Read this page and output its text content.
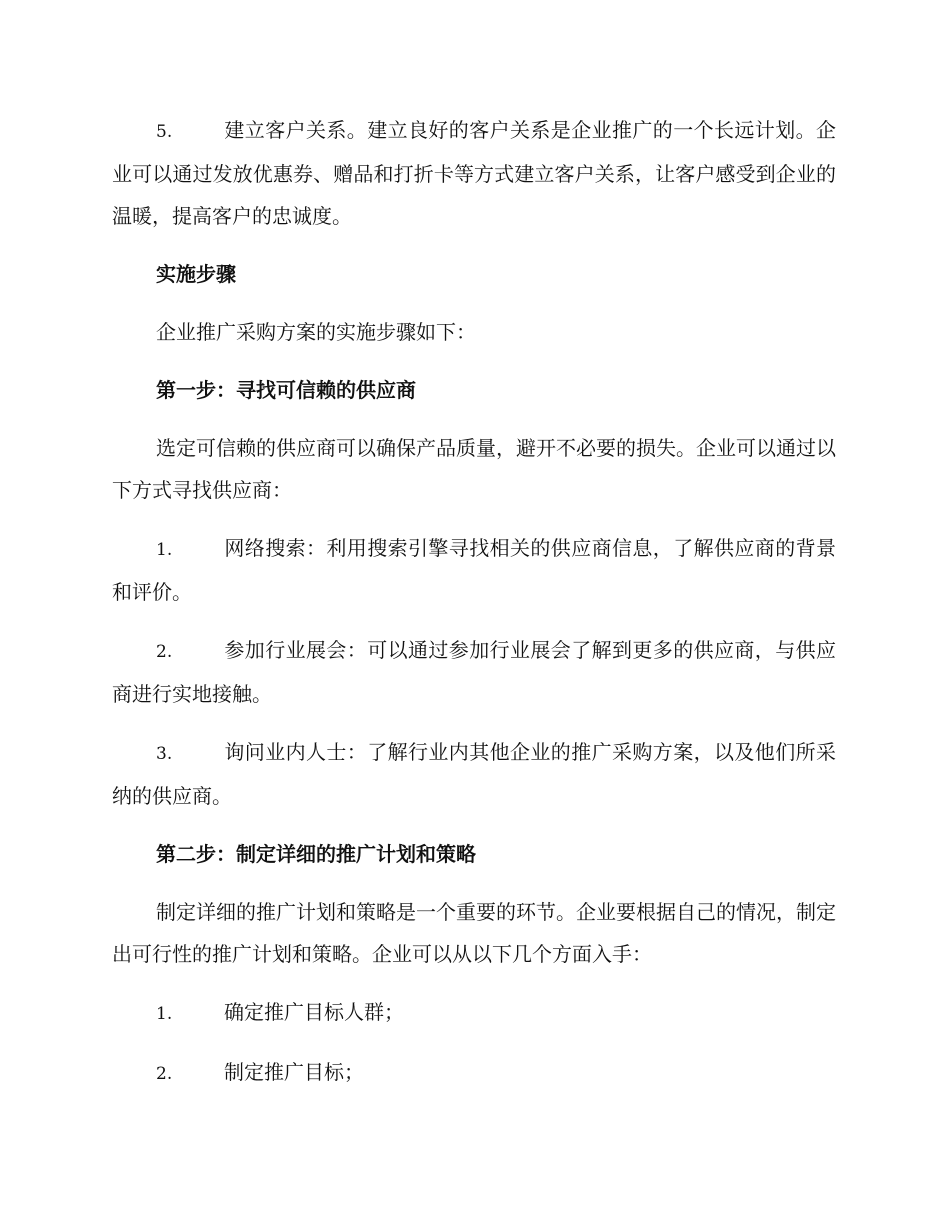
5.	建立客户关系。建立良好的客户关系是企业推广的一个长远计划。企业可以通过发放优惠券、赠品和打折卡等方式建立客户关系，让客户感受到企业的温暖，提高客户的忠诚度。

实施步骤

企业推广采购方案的实施步骤如下：

第一步：寻找可信赖的供应商

选定可信赖的供应商可以确保产品质量，避开不必要的损失。企业可以通过以下方式寻找供应商：

1.	网络搜索：利用搜索引擎寻找相关的供应商信息，了解供应商的背景和评价。

2.	参加行业展会：可以通过参加行业展会了解到更多的供应商，与供应商进行实地接触。

3.	询问业内人士：了解行业内其他企业的推广采购方案，以及他们所采纳的供应商。

第二步：制定详细的推广计划和策略

制定详细的推广计划和策略是一个重要的环节。企业要根据自己的情况，制定出可行性的推广计划和策略。企业可以从以下几个方面入手：

1.	确定推广目标人群；

2.	制定推广目标；
